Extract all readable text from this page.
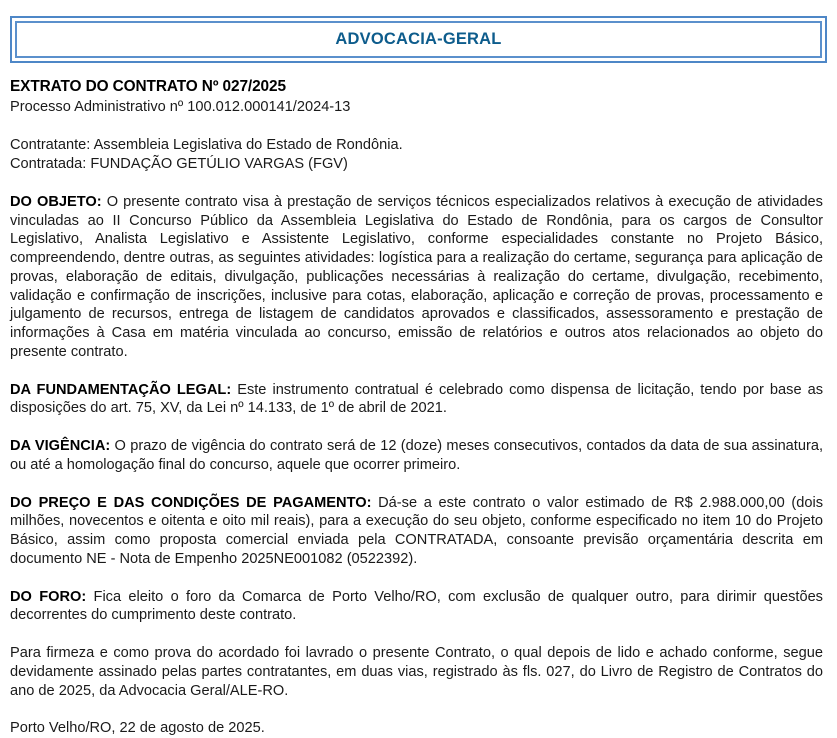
ADVOCACIA-GERAL
EXTRATO DO CONTRATO Nº 027/2025
Processo Administrativo nº 100.012.000141/2024-13

Contratante: Assembleia Legislativa do Estado de Rondônia.

Contratada: FUNDAÇÃO GETÚLIO VARGAS (FGV)

DO OBJETO: O presente contrato visa à prestação de serviços técnicos especializados relativos à execução de atividades vinculadas ao II Concurso Público da Assembleia Legislativa do Estado de Rondônia, para os cargos de Consultor Legislativo, Analista Legislativo e Assistente Legislativo, conforme especialidades constante no Projeto Básico, compreendendo, dentre outras, as seguintes atividades: logística para a realização do certame, segurança para aplicação de provas, elaboração de editais, divulgação, publicações necessárias à realização do certame, divulgação, recebimento, validação e confirmação de inscrições, inclusive para cotas, elaboração, aplicação e correção de provas, processamento e julgamento de recursos, entrega de listagem de candidatos aprovados e classificados, assessoramento e prestação de informações à Casa em matéria vinculada ao concurso, emissão de relatórios e outros atos relacionados ao objeto do presente contrato.

DA FUNDAMENTAÇÃO LEGAL: Este instrumento contratual é celebrado como dispensa de licitação, tendo por base as disposições do art. 75, XV, da Lei nº 14.133, de 1º de abril de 2021.

DA VIGÊNCIA: O prazo de vigência do contrato será de 12 (doze) meses consecutivos, contados da data de sua assinatura, ou até a homologação final do concurso, aquele que ocorrer primeiro.

DO PREÇO E DAS CONDIÇÕES DE PAGAMENTO: Dá-se a este contrato o valor estimado de R$ 2.988.000,00 (dois milhões, novecentos e oitenta e oito mil reais), para a execução do seu objeto, conforme especificado no item 10 do Projeto Básico, assim como proposta comercial enviada pela CONTRATADA, consoante previsão orçamentária descrita em documento NE - Nota de Empenho 2025NE001082 (0522392).

DO FORO: Fica eleito o foro da Comarca de Porto Velho/RO, com exclusão de qualquer outro, para dirimir questões decorrentes do cumprimento deste contrato.

Para firmeza e como prova do acordado foi lavrado o presente Contrato, o qual depois de lido e achado conforme, segue devidamente assinado pelas partes contratantes, em duas vias, registrado às fls. 027, do Livro de Registro de Contratos do ano de 2025, da Advocacia Geral/ALE-RO.

Porto Velho/RO, 22 de agosto de 2025.
